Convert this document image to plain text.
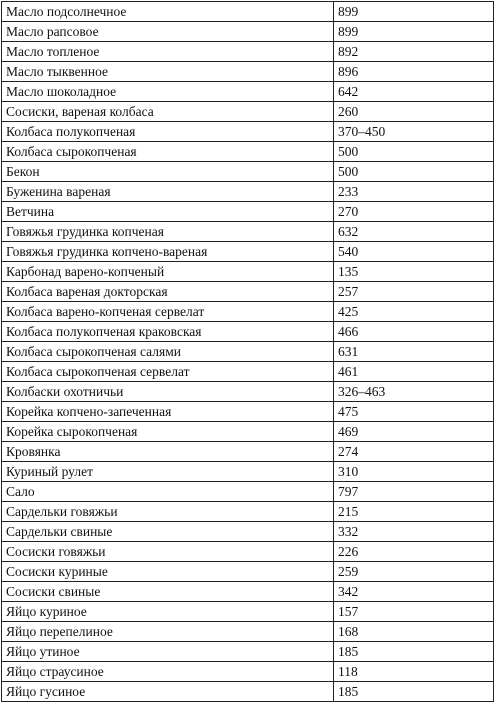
Масло подсолнечное	899
Масло рапсовое	899
Масло топленое	892
Масло тыквенное	896
Масло шоколадное	642
Сосиски, вареная колбаса	260
Колбаса полукопченая	370–450
Колбаса сырокопченая	500
Бекон	500
Буженина вареная	233
Ветчина	270
Говяжья грудинка копченая	632
Говяжья грудинка копчено-вареная	540
Карбонад варено-копченый	135
Колбаса вареная докторская	257
Колбаса варено-копченая сервелат	425
Колбаса полукопченая краковская	466
Колбаса сырокопченая салями	631
Колбаса сырокопченая сервелат	461
Колбаски охотничьи	326–463
Корейка копчено-запеченная	475
Корейка сырокопченая	469
Кровянка	274
Куриный рулет	310
Сало	797
Сардельки говяжьи	215
Сардельки свиные	332
Сосиски говяжьи	226
Сосиски куриные	259
Сосиски свиные	342
Яйцо куриное	157
Яйцо перепелиное	168
Яйцо утиное	185
Яйцо страусиное	118
Яйцо гусиное	185
